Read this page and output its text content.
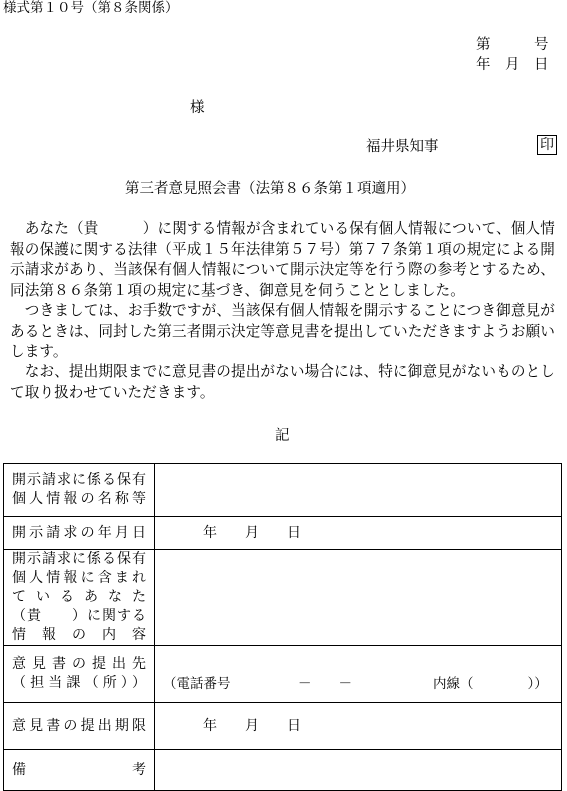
様式第１０号（第８条関係）
第　　　号
年　月　日
様
福井県知事	印
第三者意見照会書（法第８６条第１項適用）
　あなた（貴　　　）に関する情報が含まれている保有個人情報について、個人情報の保護に関する法律（平成１５年法律第５７号）第７７条第１項の規定による開示請求があり、当該保有個人情報について開示決定等を行う際の参考とするため、同法第８６条第１項の規定に基づき、御意見を伺うこととしました。
　つきましては、お手数ですが、当該保有個人情報を開示することにつき御意見があるときは、同封した第三者開示決定等意見書を提出していただきますようお願いします。
　なお、提出期限までに意見書の提出がない場合には、特に御意見がないものとして取り扱わせていただきます。
記
開示請求に係る保有
個人情報の名称等	

開示請求の年月日	年　　月　　日

開示請求に係る保有
個人情報に含まれ
ているあなた
（貴　　）に関する
情報の内容	

意見書の提出先
（担当課（所））	（電話番号　　　　　－　　－　　　　　　内線（　　　　））

意見書の提出期限	年　　月　　日

備　　　　考	
